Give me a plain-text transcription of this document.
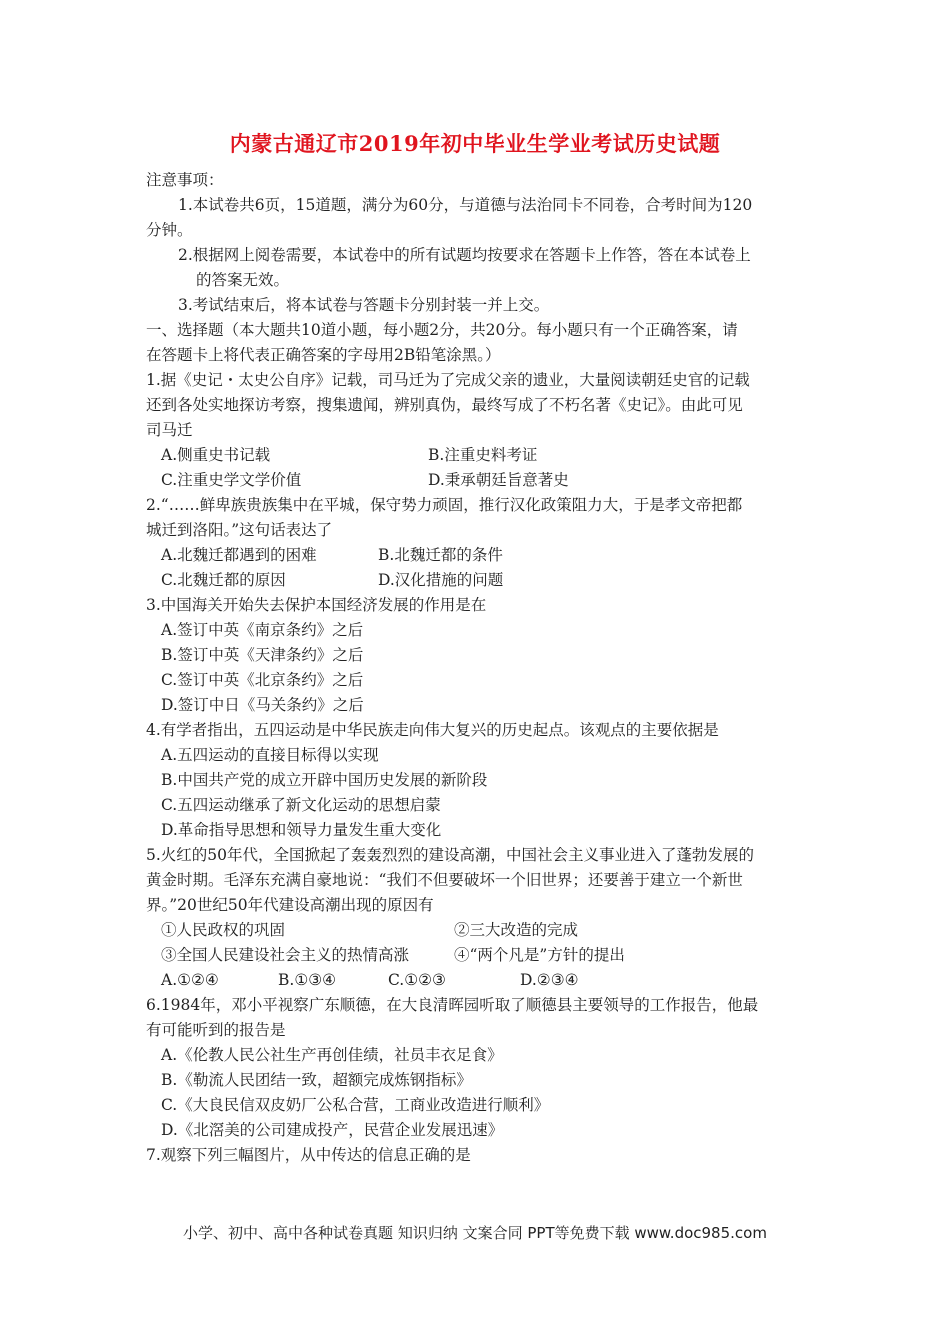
内蒙古通辽市2019年初中毕业生学业考试历史试题
注意事项：
1.本试卷共6页，15道题，满分为60分，与道德与法治同卡不同卷，合考时间为120
分钟。
2.根据网上阅卷需要，本试卷中的所有试题均按要求在答题卡上作答，答在本试卷上
的答案无效。
3.考试结束后，将本试卷与答题卡分别封装一并上交。
一、选择题（本大题共10道小题，每小题2分，共20分。每小题只有一个正确答案，请
在答题卡上将代表正确答案的字母用2B铅笔涂黑。）
1.据《史记・太史公自序》记载，司马迁为了完成父亲的遗业，大量阅读朝廷史官的记载
还到各处实地探访考察，搜集遗闻，辨别真伪，最终写成了不朽名著《史记》。由此可见
司马迁
A.侧重史书记载	B.注重史料考证
C.注重史学文学价值	D.秉承朝廷旨意著史
2.“……鲜卑族贵族集中在平城，保守势力顽固，推行汉化政策阻力大，于是孝文帝把都
城迁到洛阳。”这句话表达了
A.北魏迁都遇到的困难	B.北魏迁都的条件
C.北魏迁都的原因	D.汉化措施的问题
3.中国海关开始失去保护本国经济发展的作用是在
A.签订中英《南京条约》之后
B.签订中英《天津条约》之后
C.签订中英《北京条约》之后
D.签订中日《马关条约》之后
4.有学者指出，五四运动是中华民族走向伟大复兴的历史起点。该观点的主要依据是
A.五四运动的直接目标得以实现
B.中国共产党的成立开辟中国历史发展的新阶段
C.五四运动继承了新文化运动的思想启蒙
D.革命指导思想和领导力量发生重大变化
5.火红的50年代，全国掀起了轰轰烈烈的建设高潮，中国社会主义事业进入了蓬勃发展的
黄金时期。毛泽东充满自豪地说：“我们不但要破坏一个旧世界；还要善于建立一个新世
界。”20世纪50年代建设高潮出现的原因有
①人民政权的巩固	②三大改造的完成
③全国人民建设社会主义的热情高涨	④“两个凡是”方针的提出
A.①②④	B.①③④	C.①②③	D.②③④
6.1984年，邓小平视察广东顺德，在大良清晖园听取了顺德县主要领导的工作报告，他最
有可能听到的报告是
A.《伦教人民公社生产再创佳绩，社员丰衣足食》
B.《勒流人民团结一致，超额完成炼钢指标》
C.《大良民信双皮奶厂公私合营，工商业改造进行顺利》
D.《北滘美的公司建成投产，民营企业发展迅速》
7.观察下列三幅图片，从中传达的信息正确的是
小学、初中、高中各种试卷真题 知识归纳 文案合同 PPT等免费下载 www.doc985.com
